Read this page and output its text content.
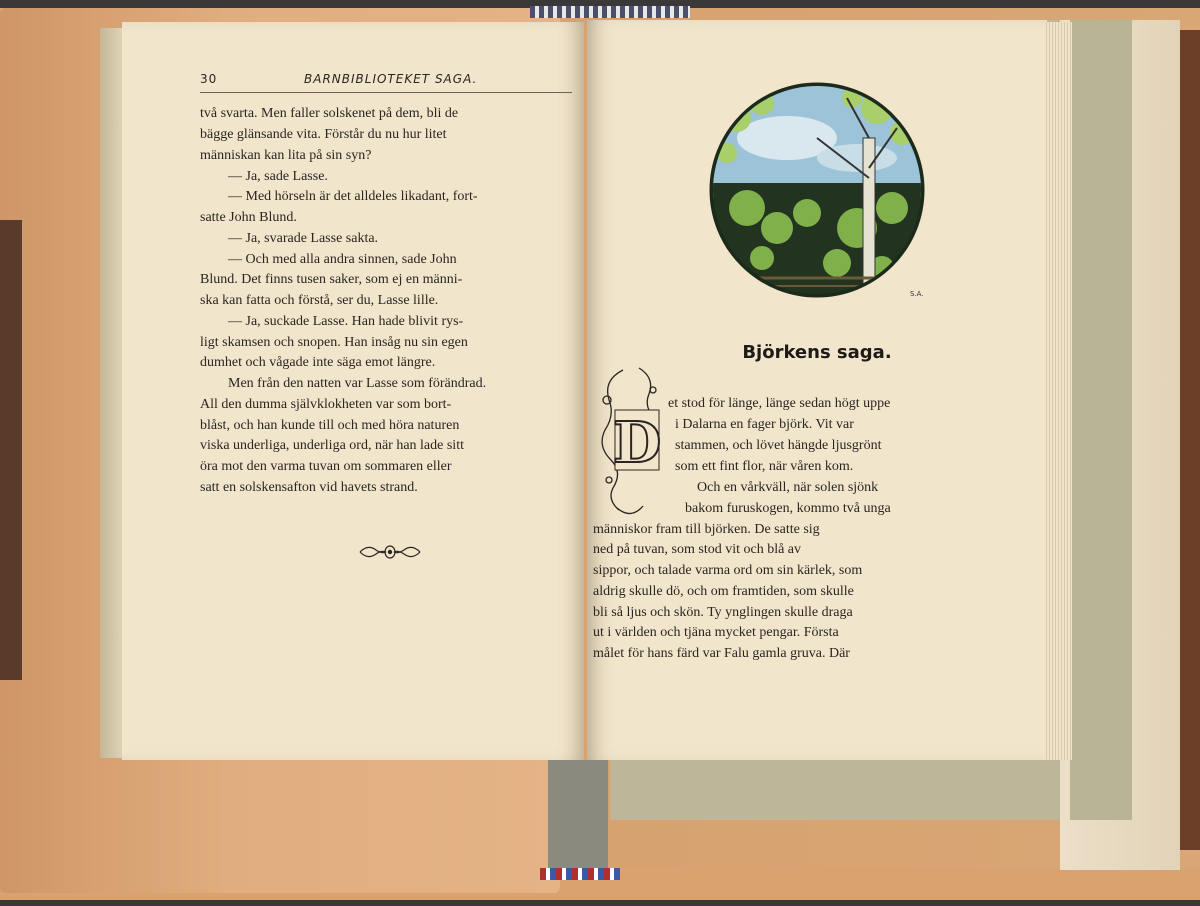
30	BARNBIBLIOTEKET SAGA.
två svarta. Men faller solskenet på dem, bli de
bägge glänsande vita. Förstår du nu hur litet
människan kan lita på sin syn?
— Ja, sade Lasse.
— Med hörseln är det alldeles likadant, fort-
satte John Blund.
— Ja, svarade Lasse sakta.
— Och med alla andra sinnen, sade John
Blund. Det finns tusen saker, som ej en männi-
ska kan fatta och förstå, ser du, Lasse lille.
— Ja, suckade Lasse. Han hade blivit rys-
ligt skamsen och snopen. Han insåg nu sin egen
dumhet och vågade inte säga emot längre.
Men från den natten var Lasse som förändrad.
All den dumma självklokheten var som bort-
blåst, och han kunde till och med höra naturen
viska underliga, underliga ord, när han lade sitt
öra mot den varma tuvan om sommaren eller
satt en solskensafton vid havets strand.
S.A.
Björkens saga.
D
et stod för länge, länge sedan högt uppe
i Dalarna en fager björk. Vit var
stammen, och lövet hängde ljusgrönt
som ett fint flor, när våren kom.
Och en vårkväll, när solen sjönk
bakom furuskogen, kommo två unga
människor fram till björken. De satte sig
ned på tuvan, som stod vit och blå av
sippor, och talade varma ord om sin kärlek, som
aldrig skulle dö, och om framtiden, som skulle
bli så ljus och skön. Ty ynglingen skulle draga
ut i världen och tjäna mycket pengar. Första
målet för hans färd var Falu gamla gruva. Där
